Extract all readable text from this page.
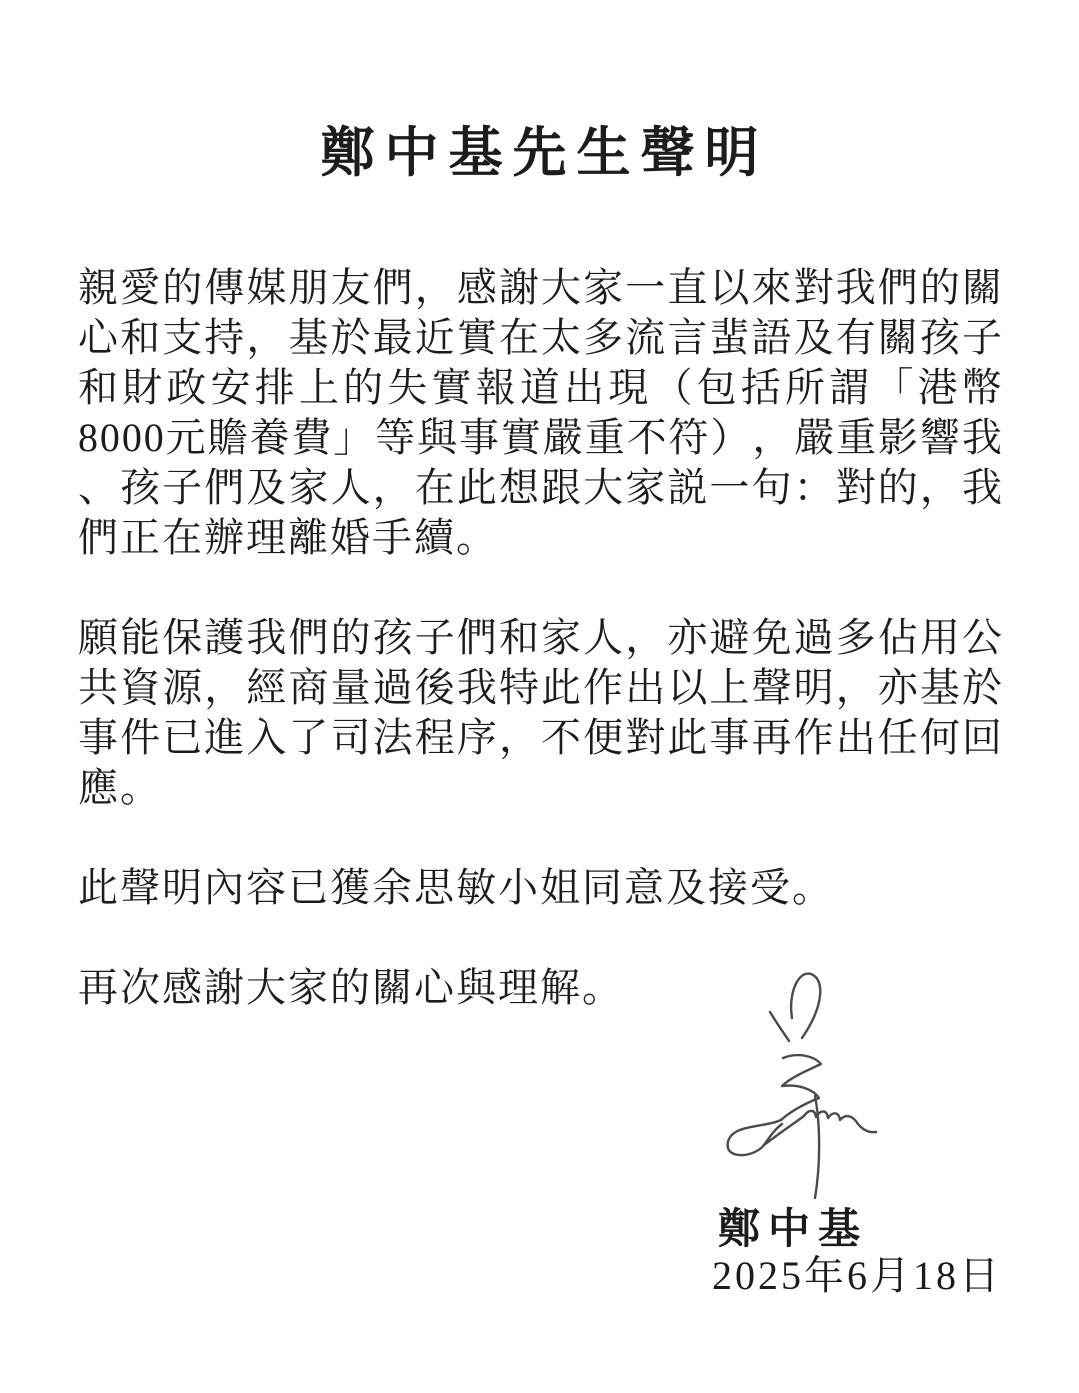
鄭中基先生聲明
親 愛 的 傳 媒 朋 友 們 ， 感 謝 大 家 一 直 以 來 對 我 們 的 關
心 和 支 持 ， 基 於 最 近 實 在 太 多 流 言 蜚 語 及 有 關 孩 子
和 財 政 安 排 上 的 失 實 報 道 出 現 （ 包 括 所 謂 「 港 幣
8 0 0 0 元 贍 養 費 」 等 與 事 實 嚴 重 不 符 ） ， 嚴 重 影 響 我
、 孩 子 們 及 家 人 ， 在 此 想 跟 大 家 説 一 句 ： 對 的 ， 我
們正在辦理離婚手續。
願 能 保 護 我 們 的 孩 子 們 和 家 人 ， 亦 避 免 過 多 佔 用 公
共 資 源 ， 經 商 量 過 後 我 特 此 作 出 以 上 聲 明 ， 亦 基 於
事 件 已 進 入 了 司 法 程 序 ， 不 便 對 此 事 再 作 出 任 何 回
應。
此聲明內容已獲余思敏小姐同意及接受。
再次感謝大家的關心與理解。
鄭中基
2025年6月18日
